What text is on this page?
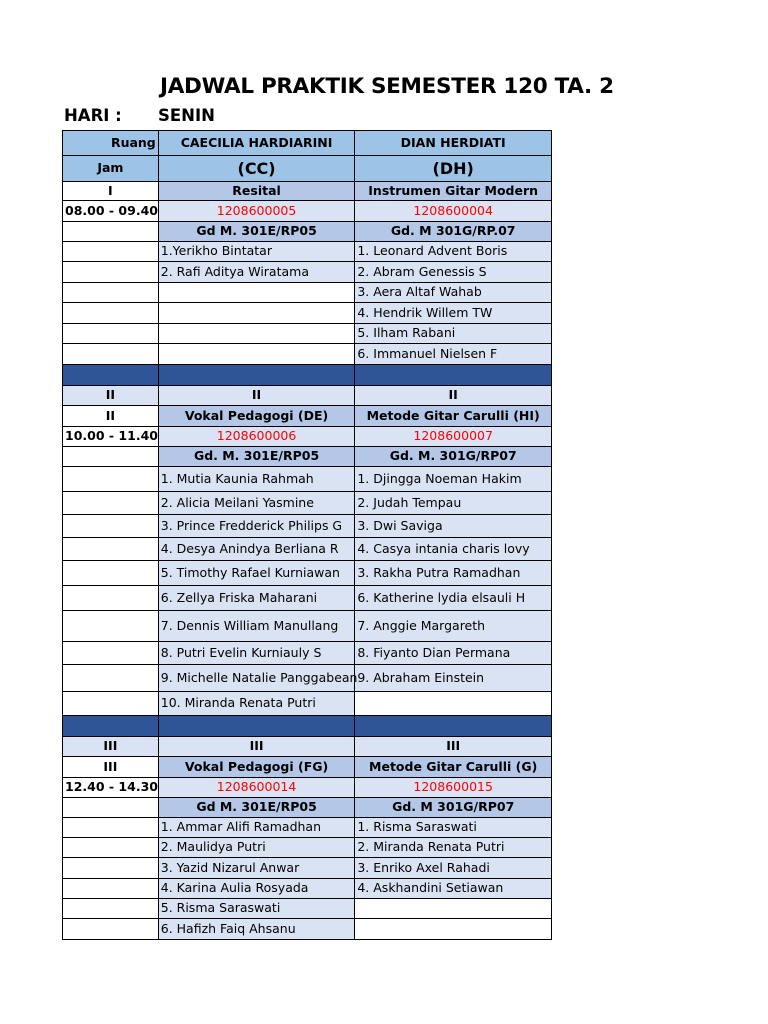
JADWAL PRAKTIK SEMESTER 120 TA. 2
HARI : SENIN
Ruang	CAECILIA HARDIARINI	DIAN HERDIATI
Jam	(CC)	(DH)
I	Resital	Instrumen Gitar Modern
08.00 - 09.40	1208600005	1208600004
	Gd M. 301E/RP05	Gd. M 301G/RP.07
	1.Yerikho Bintatar	1. Leonard Advent Boris
	2. Rafi Aditya Wiratama	2. Abram Genessis S
		3. Aera Altaf Wahab
		4. Hendrik Willem TW
		5. Ilham Rabani
		6. Immanuel Nielsen F

II	II	II
II	Vokal Pedagogi (DE)	Metode Gitar Carulli (HI)
10.00 - 11.40	1208600006	1208600007
	Gd. M. 301E/RP05	Gd. M. 301G/RP07
	1. Mutia Kaunia Rahmah	1. Djingga Noeman Hakim
	2. Alicia Meilani Yasmine	2. Judah Tempau
	3. Prince Fredderick Philips G	3. Dwi Saviga
	4. Desya Anindya Berliana R	4. Casya intania charis lovy
	5. Timothy Rafael Kurniawan	3. Rakha Putra Ramadhan
	6. Zellya Friska Maharani	6. Katherine lydia elsauli H
	7. Dennis William Manullang	7. Anggie Margareth
	8. Putri Evelin Kurniauly S	8. Fiyanto Dian Permana
	9. Michelle Natalie Panggabean	9. Abraham Einstein
	10. Miranda Renata Putri	

III	III	III
III	Vokal Pedagogi (FG)	Metode Gitar Carulli (G)
12.40 - 14.30	1208600014	1208600015
	Gd M. 301E/RP05	Gd. M 301G/RP07
	1. Ammar Alifi Ramadhan	1. Risma Saraswati
	2. Maulidya Putri	2. Miranda Renata Putri
	3. Yazid Nizarul Anwar	3. Enriko Axel Rahadi
	4. Karina Aulia Rosyada	4. Askhandini Setiawan
	5. Risma Saraswati	
	6. Hafizh Faiq Ahsanu	
